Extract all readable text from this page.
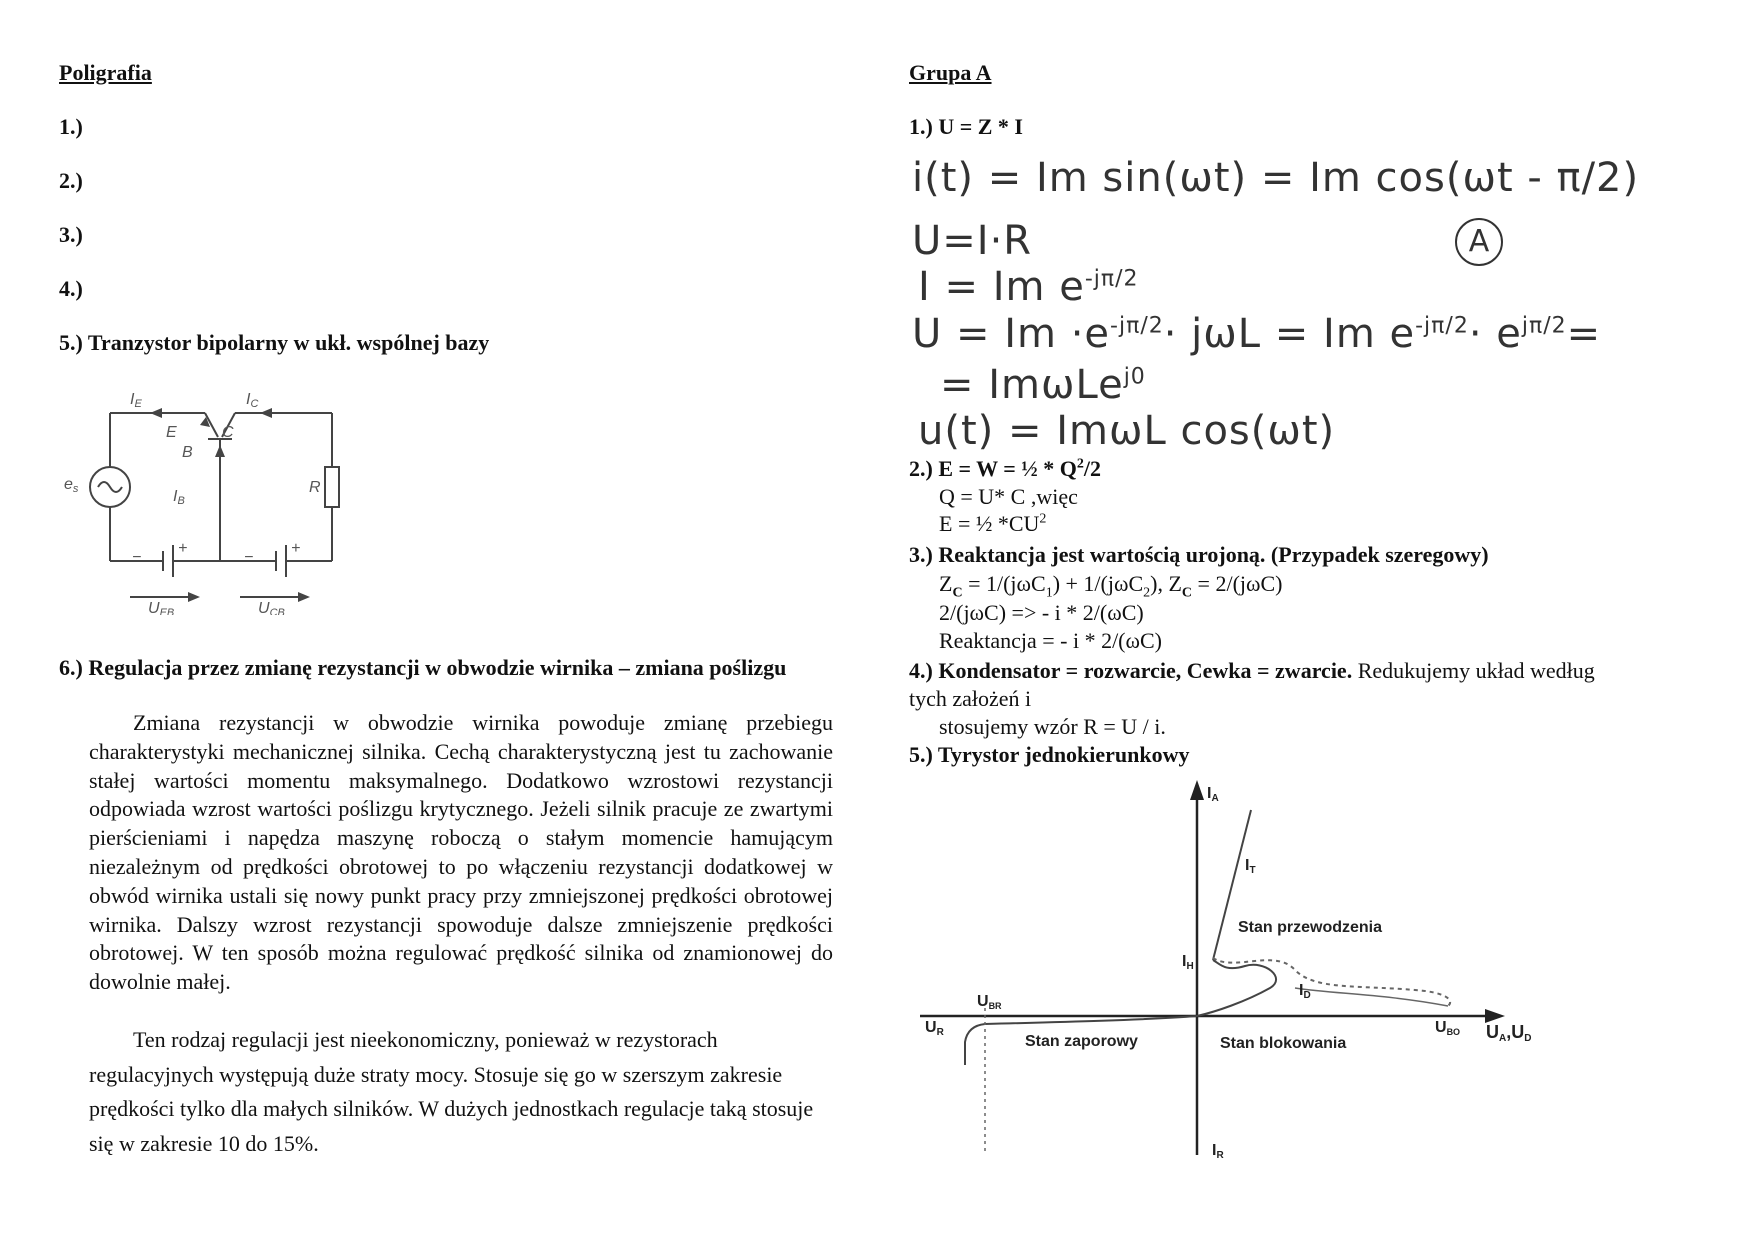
Poligrafia
1.)
2.)
3.)
4.)
5.) Tranzystor bipolarny w ukł. wspólnej bazy
IE	IC
E	C
B
es	IB
R
−
+
−
+
UEB	UCB
6.) Regulacja przez zmianę rezystancji w obwodzie wirnika – zmiana poślizgu
Zmiana rezystancji w obwodzie wirnika powoduje zmianę przebiegu charakterystyki mechanicznej silnika. Cechą charakterystyczną jest tu zachowanie stałej wartości momentu maksymalnego. Dodatkowo wzrostowi rezystancji odpowiada wzrost wartości poślizgu krytycznego. Jeżeli silnik pracuje ze zwartymi pierścieniami i napędza maszynę roboczą o stałym momencie hamującym niezależnym od prędkości obrotowej to po włączeniu rezystancji dodatkowej w obwód wirnika ustali się nowy punkt pracy przy zmniejszonej prędkości obrotowej wirnika. Dalszy wzrost rezystancji spowoduje dalsze zmniejszenie prędkości obrotowej. W ten sposób można regulować prędkość silnika od znamionowej do dowolnie małej.
Ten rodzaj regulacji jest nieekonomiczny, ponieważ w rezystorach regulacyjnych występują duże straty mocy. Stosuje się go w szerszym zakresie prędkości tylko dla małych silników. W dużych jednostkach regulacje taką stosuje się w zakresie 10 do 15%.
Grupa A
1.) U = Z * I
i(t) = Im sin(ωt) = Im cos(ωt - π/2)
A
U=I·R
I = Im $e^{-j\pi/2}$
$U = Im \cdot e^{-j\pi/2}\cdot j\omega L = Im$ $e^{-j\pi/2}\cdot e^{j\pi/2}=$
= ImωLe$^{j0}$
u(t) = ImωL cos(ωt)
2.) E = W = ½ * $Q^2/2$
Q = U* C ,więc
E = ½ $*CU^2$
3.) Reaktancja jest wartością urojoną. (Przypadek szeregowy)
$Z_C = 1/(j\omega C_1) + 1/(j\omega C_2)$, $Z_C = 2/(j\omega C)$
2/(jωC) => - i * 2/(ωC)
Reaktancja = - i * 2/(ωC)
4.) Kondensator = rozwarcie, Cewka = zwarcie. Redukujemy układ według tych założeń i
stosujemy wzór R = U / i.
5.) Tyrystor jednokierunkowy
IA
IT
Stan przewodzenia
IH
UBR
ID
UR
Stan zaporowy	Stan blokowania
UBO UA,UD
IR
